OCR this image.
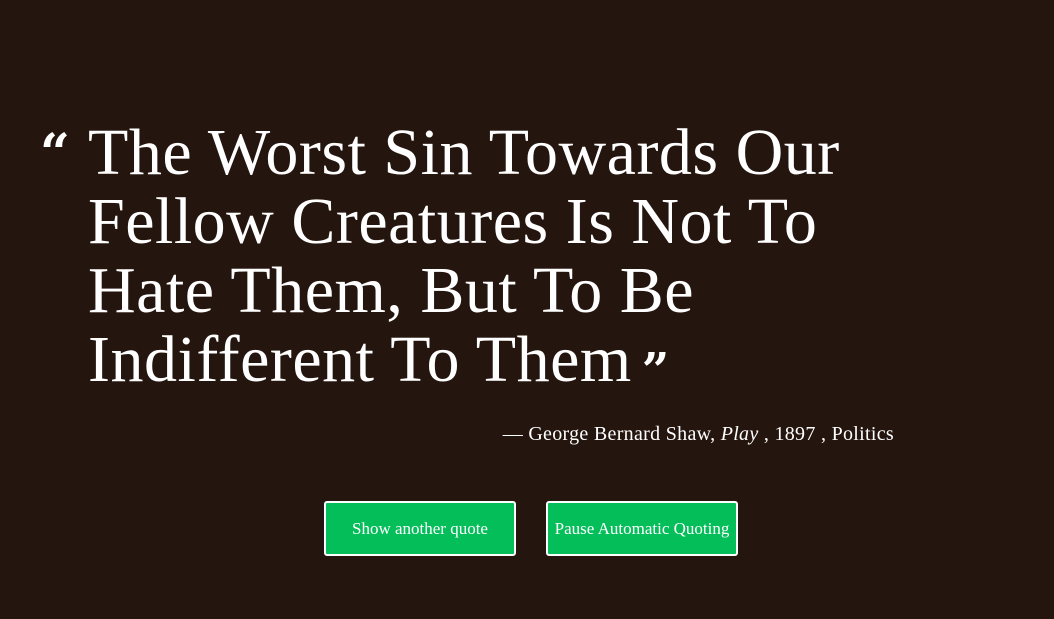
“ The Worst Sin Towards Our Fellow Creatures Is Not To Hate Them, But To Be Indifferent To Them ”

— George Bernard Shaw, Play , 1897 , Politics
Show another quote	Pause Automatic Quoting
